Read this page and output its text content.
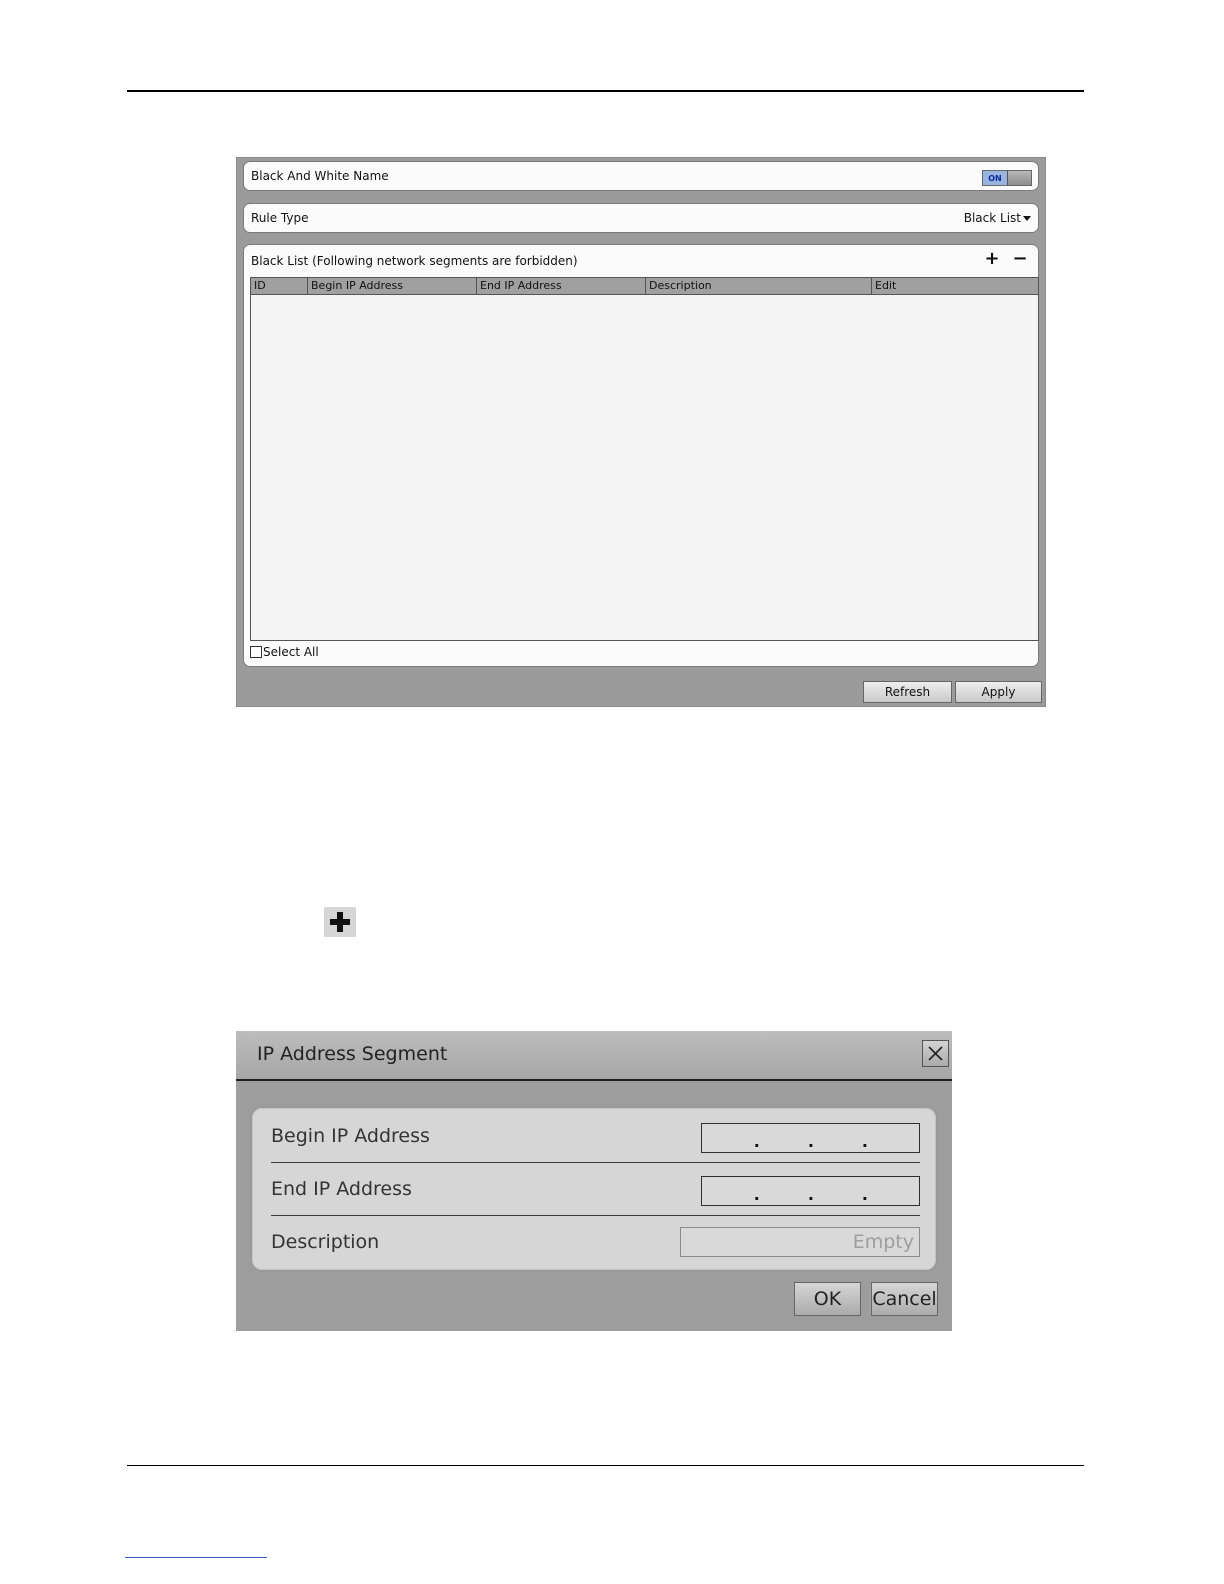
Black And White Name	ON
Rule Type	Black List
Black List (Following network segments are forbidden)	+ −
ID	Begin IP Address	End IP Address	Description	Edit
Select All
Refresh	Apply
IP Address Segment
Begin IP Address	.	.	.
End IP Address	.	.	.
Description	Empty
OK	Cancel
